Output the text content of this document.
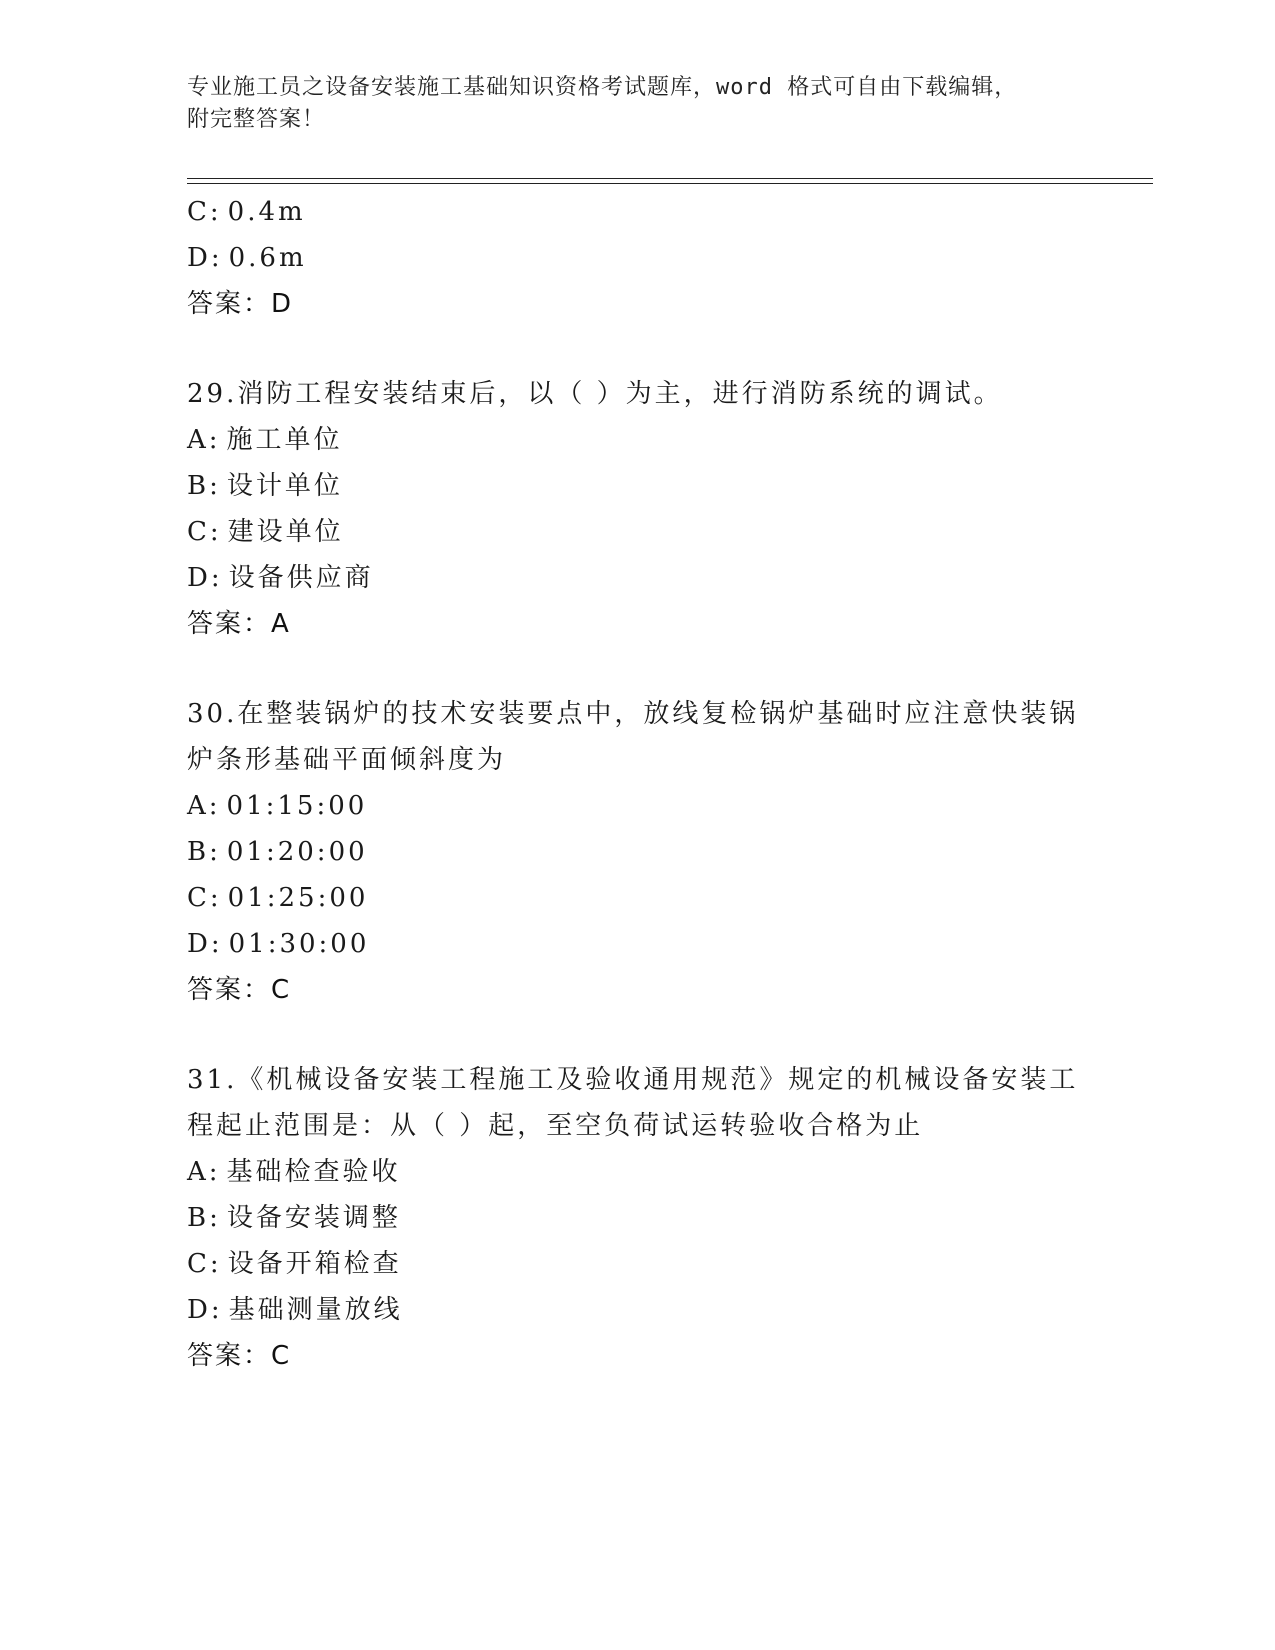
专业施工员之设备安装施工基础知识资格考试题库，word 格式可自由下载编辑，
附完整答案！
C: 0.4m
D: 0.6m
答案：D
29.消防工程安装结束后，以（ ）为主，进行消防系统的调试。
A: 施工单位
B: 设计单位
C: 建设单位
D: 设备供应商
答案：A
30.在整装锅炉的技术安装要点中，放线复检锅炉基础时应注意快装锅
炉条形基础平面倾斜度为
A: 01:15:00
B: 01:20:00
C: 01:25:00
D: 01:30:00
答案：C
31.《机械设备安装工程施工及验收通用规范》规定的机械设备安装工
程起止范围是：从（ ）起，至空负荷试运转验收合格为止
A: 基础检查验收
B: 设备安装调整
C: 设备开箱检查
D: 基础测量放线
答案：C
